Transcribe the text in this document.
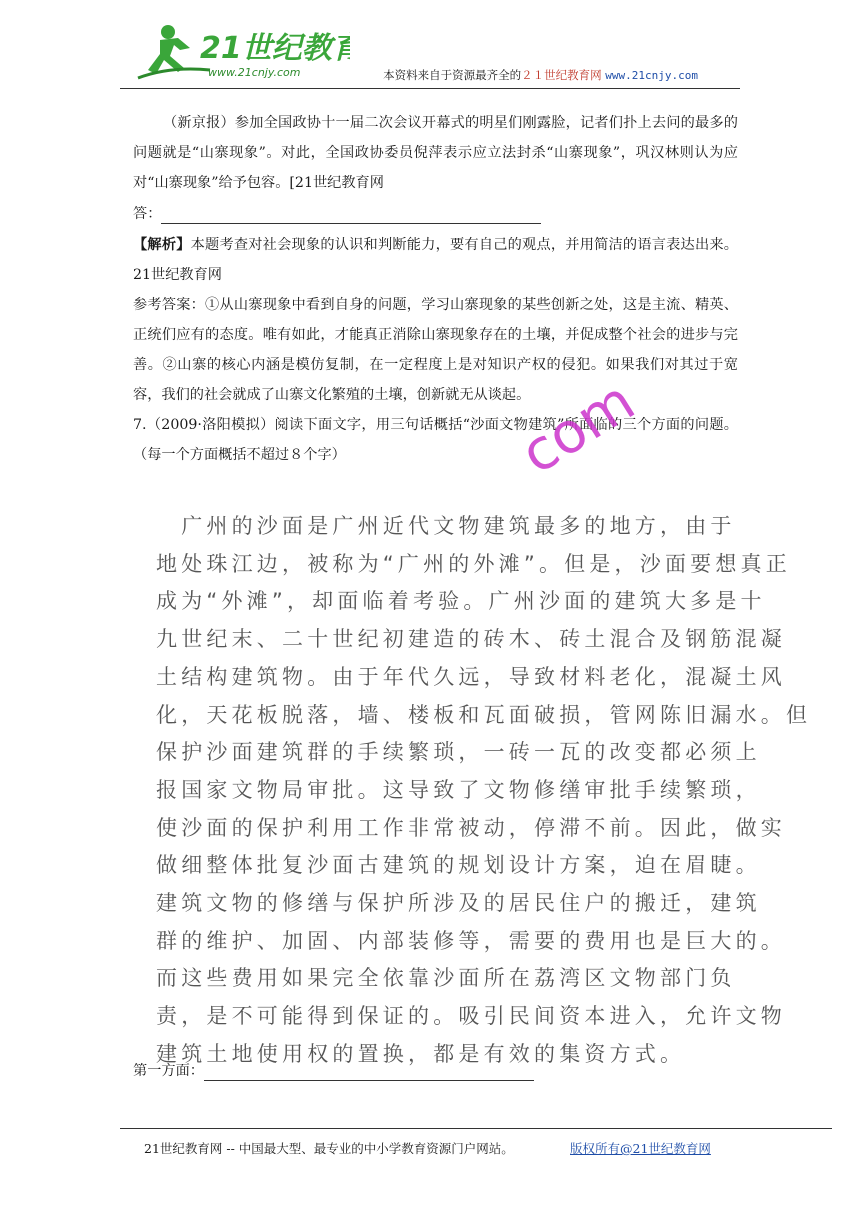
21世纪教育
www.21cnjy.com	本资料来自于资源最齐全的２１世纪教育网 www.21cnjy.com

（新京报）参加全国政协十一届二次会议开幕式的明星们刚露脸，记者们扑上去问的最多的问题就是“山寨现象”。对此，全国政协委员倪萍表示应立法封杀“山寨现象”，巩汉林则认为应对“山寨现象”给予包容。[21世纪教育网

答：

【解析】本题考查对社会现象的认识和判断能力，要有自己的观点，并用简洁的语言表达出来。21世纪教育网

参考答案：①从山寨现象中看到自身的问题，学习山寨现象的某些创新之处，这是主流、精英、正统们应有的态度。唯有如此，才能真正消除山寨现象存在的土壤，并促成整个社会的进步与完善。②山寨的核心内涵是模仿复制，在一定程度上是对知识产权的侵犯。如果我们对其过于宽容，我们的社会就成了山寨文化繁殖的土壤，创新就无从谈起。

7.（2009·洛阳模拟）阅读下面文字，用三句话概括“沙面文物建筑”所面临的三个方面的问题。（每一个方面概括不超过８个字）	com

　广州的沙面是广州近代文物建筑最多的地方，由于

地处珠江边，被称为“广州的外滩”。但是，沙面要想真正

成为“外滩”，却面临着考验。广州沙面的建筑大多是十

九世纪末、二十世纪初建造的砖木、砖土混合及钢筋混凝

土结构建筑物。由于年代久远，导致材料老化，混凝土风

化，天花板脱落，墙、楼板和瓦面破损，管网陈旧漏水。但

保护沙面建筑群的手续繁琐，一砖一瓦的改变都必须上

报国家文物局审批。这导致了文物修缮审批手续繁琐，

使沙面的保护利用工作非常被动，停滞不前。因此，做实

做细整体批复沙面古建筑的规划设计方案，迫在眉睫。

建筑文物的修缮与保护所涉及的居民住户的搬迁，建筑

群的维护、加固、内部装修等，需要的费用也是巨大的。

而这些费用如果完全依靠沙面所在荔湾区文物部门负

责，是不可能得到保证的。吸引民间资本进入，允许文物

建筑土地使用权的置换，都是有效的集资方式。

第一方面：
21世纪教育网 -- 中国最大型、最专业的中小学教育资源门户网站。	版权所有@21世纪教育网
